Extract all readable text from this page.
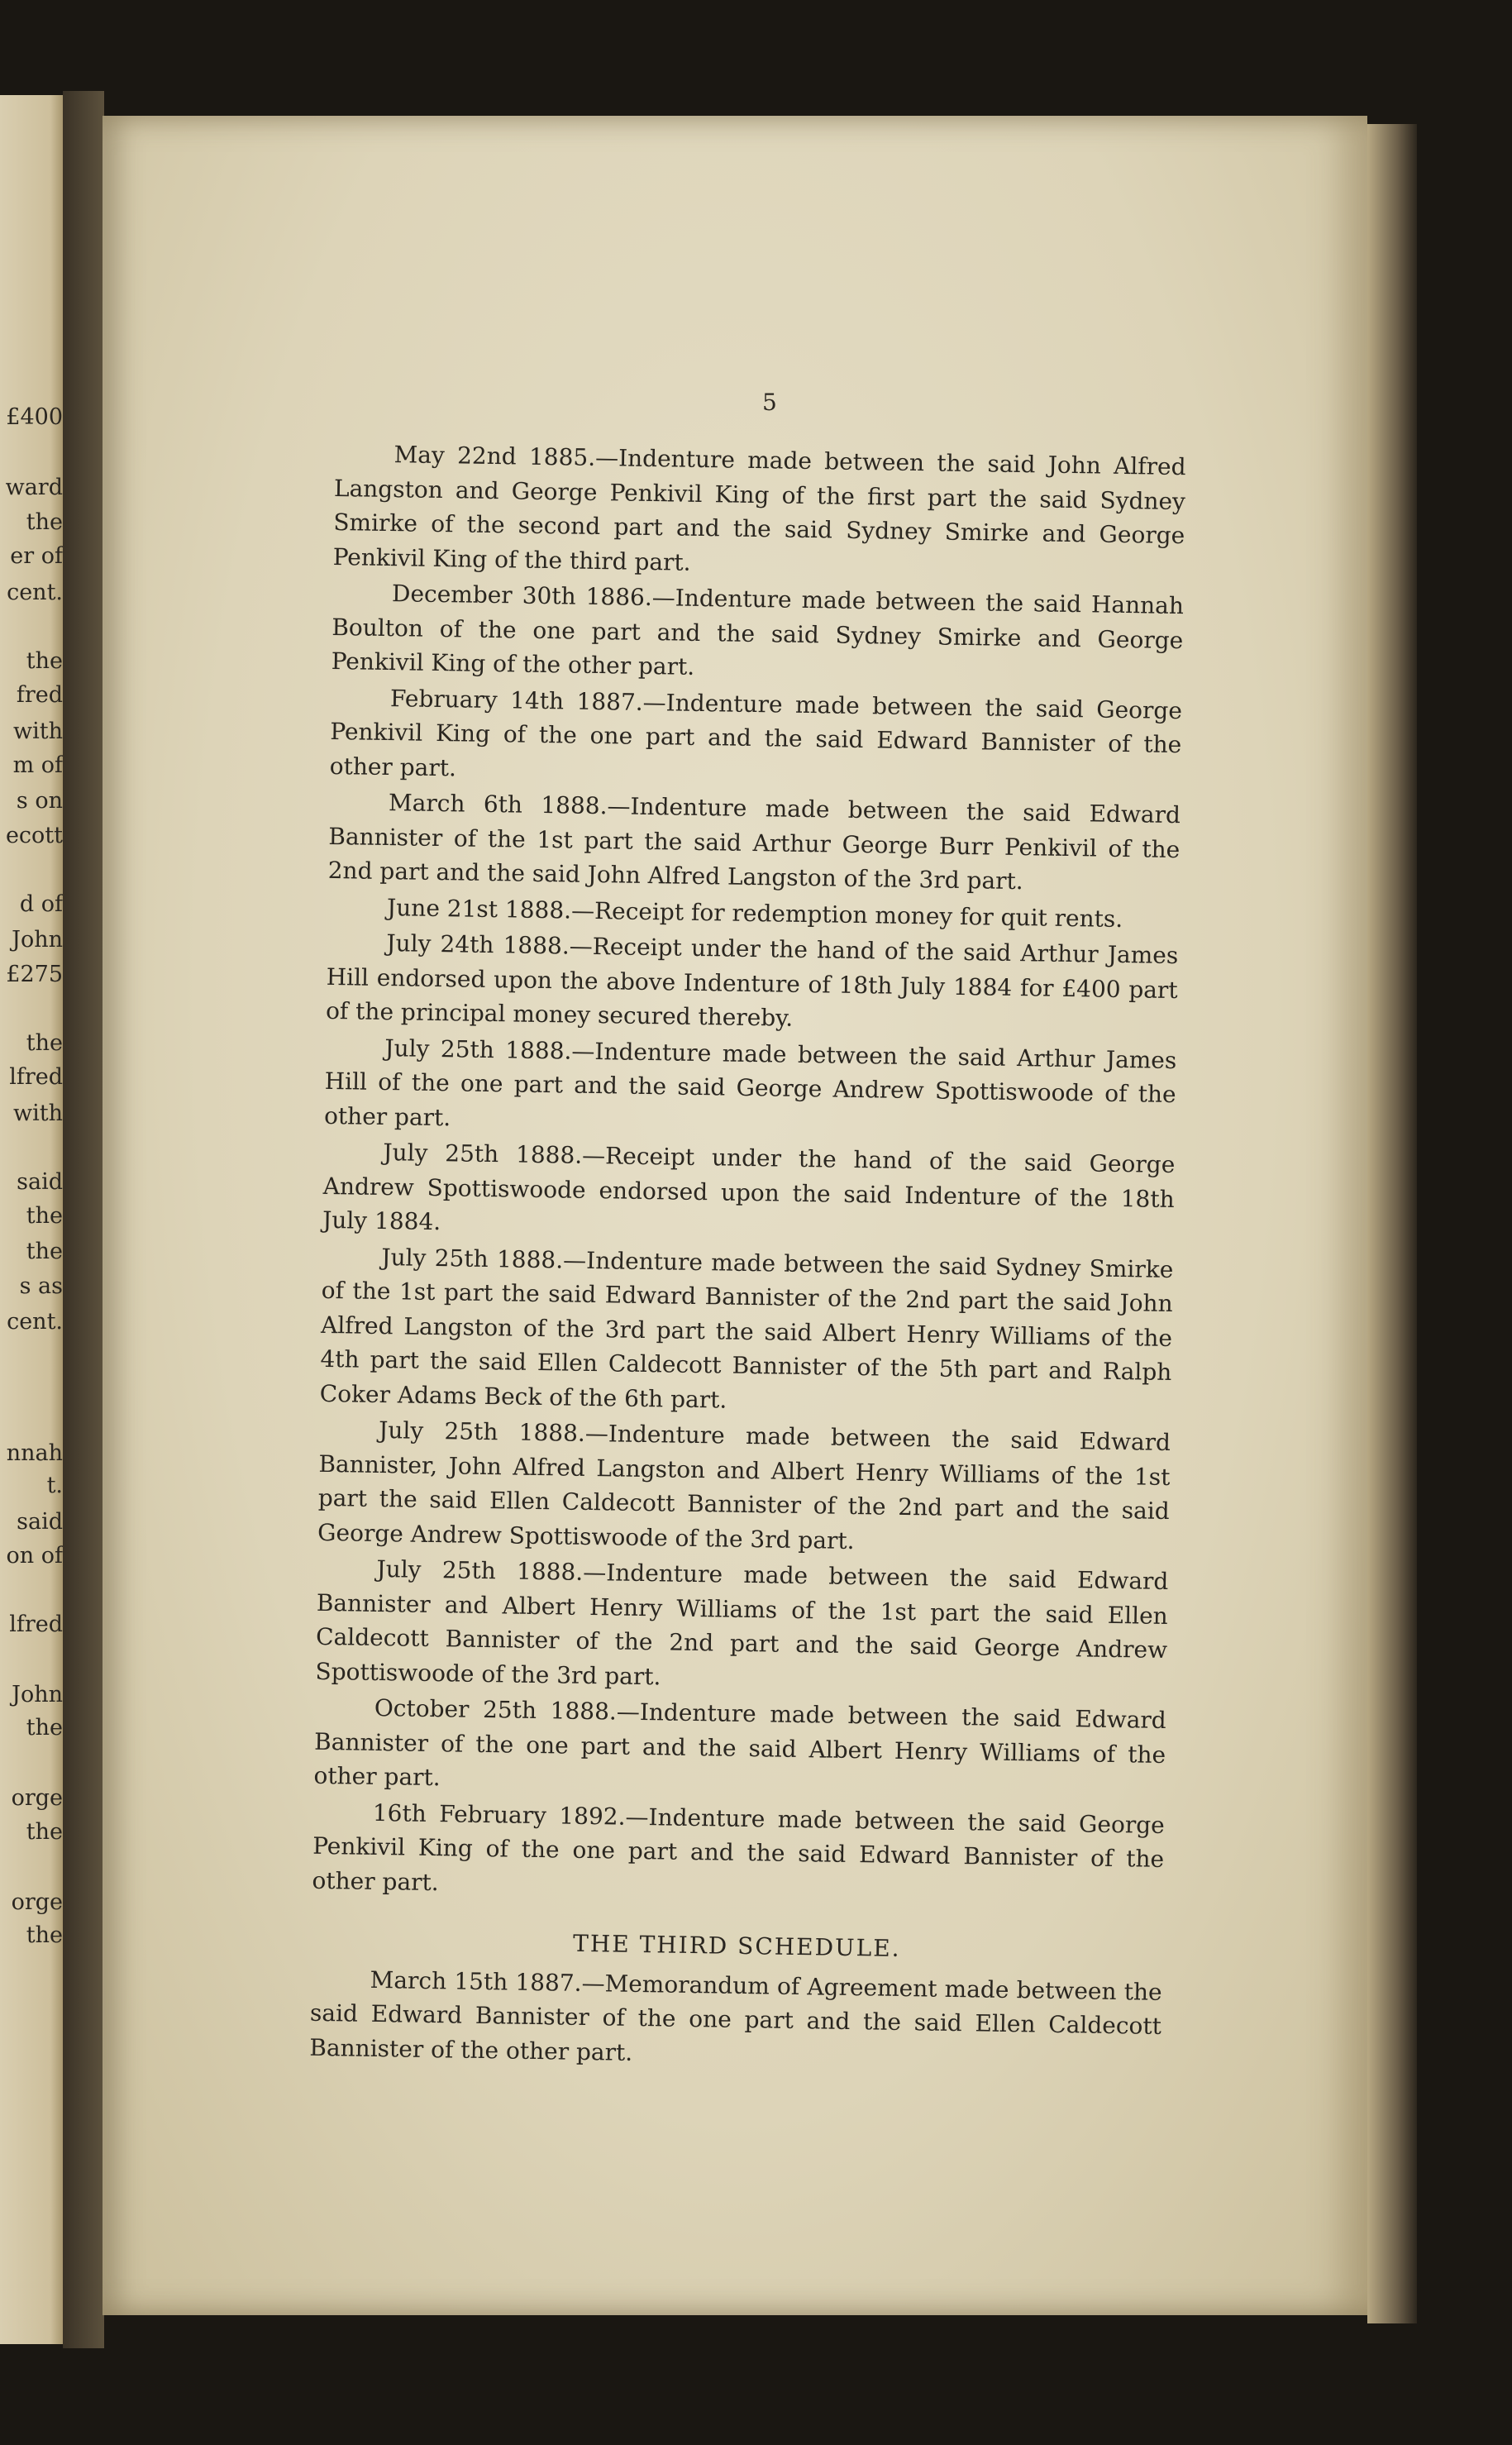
£400
ward
the
er of
cent.
the
fred
with
m of
s on
ecott
d of
John
£275
the
lfred
with
said
the
the
s as
cent.
nnah
t.
said
on of
lfred
John
the
orge
the
orge
the
5

May 22nd 1885.—Indenture made between the said John Alfred Langston and George Penkivil King of the first part the said Sydney Smirke of the second part and the said Sydney Smirke and George Penkivil King of the third part.

December 30th 1886.—Indenture made between the said Hannah Boulton of the one part and the said Sydney Smirke and George Penkivil King of the other part.

February 14th 1887.—Indenture made between the said George Penkivil King of the one part and the said Edward Bannister of the other part.

March 6th 1888.—Indenture made between the said Edward Bannister of the 1st part the said Arthur George Burr Penkivil of the 2nd part and the said John Alfred Langston of the 3rd part.

June 21st 1888.—Receipt for redemption money for quit rents.

July 24th 1888.—Receipt under the hand of the said Arthur James Hill endorsed upon the above Indenture of 18th July 1884 for £400 part of the principal money secured thereby.

July 25th 1888.—Indenture made between the said Arthur James Hill of the one part and the said George Andrew Spottiswoode of the other part.

July 25th 1888.—Receipt under the hand of the said George Andrew Spottiswoode endorsed upon the said Indenture of the 18th July 1884.

July 25th 1888.—Indenture made between the said Sydney Smirke of the 1st part the said Edward Bannister of the 2nd part the said John Alfred Langston of the 3rd part the said Albert Henry Williams of the 4th part the said Ellen Caldecott Bannister of the 5th part and Ralph Coker Adams Beck of the 6th part.

July 25th 1888.—Indenture made between the said Edward Bannister, John Alfred Langston and Albert Henry Williams of the 1st part the said Ellen Caldecott Bannister of the 2nd part and the said George Andrew Spottiswoode of the 3rd part.

July 25th 1888.—Indenture made between the said Edward Bannister and Albert Henry Williams of the 1st part the said Ellen Caldecott Bannister of the 2nd part and the said George Andrew Spottiswoode of the 3rd part.

October 25th 1888.—Indenture made between the said Edward Bannister of the one part and the said Albert Henry Williams of the other part.

16th February 1892.—Indenture made between the said George Penkivil King of the one part and the said Edward Bannister of the other part.

THE THIRD SCHEDULE.

March 15th 1887.—Memorandum of Agreement made between the said Edward Bannister of the one part and the said Ellen Caldecott Bannister of the other part.
